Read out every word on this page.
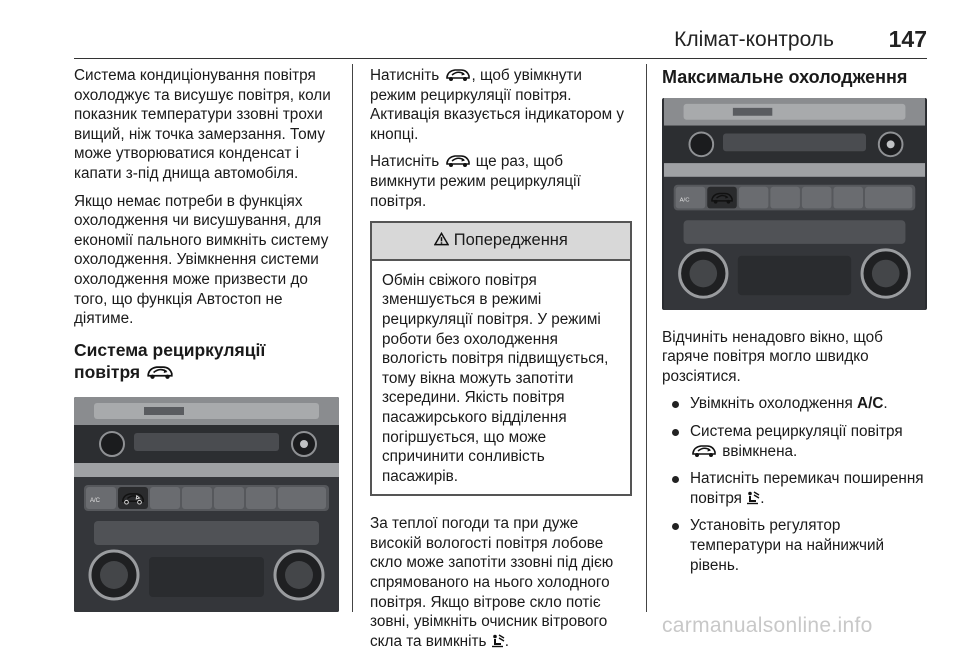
Клімат-контроль 147

Система кондиціонування повітря охолоджує та висушує повітря, коли показник температури ззовні трохи вищий, ніж точка замерзання. Тому може утворюватися конденсат і капати з-під днища автомобіля.

Якщо немає потреби в функціях охолодження чи висушування, для економії пального вимкніть систему охолодження. Увімкнення системи охолодження може призвести до того, що функція Автостоп не діятиме.

Система рециркуляції
повітря
A/C

Натисніть , щоб увімкнути режим рециркуляції повітря. Активація вказується індикатором у кнопці.

Натисніть ще раз, щоб вимкнути режим рециркуляції повітря.

Попередження
Обмін свіжого повітря зменшується в режимі рециркуляції повітря. У режимі роботи без охолодження вологість повітря підвищується, тому вікна можуть запотіти зсередини. Якість повітря пасажирського відділення погіршується, що може спричинити сонливість пасажирів.

За теплої погоди та при дуже високій вологості повітря лобове скло може запотіти ззовні під дією спрямованого на нього холодного повітря. Якщо вітрове скло потіє зовні, увімкніть очисник вітрового скла та вимкніть .

Максимальне охолодження
A/C

Відчиніть ненадовго вікно, щоб гаряче повітря могло швидко розсіятися.

Увімкніть охолодження A/C.
Система рециркуляції повітря
ввімкнена.
Натисніть перемикач поширення повітря .
Установіть регулятор температури на найнижчий рівень.
carmanualsonline.info
